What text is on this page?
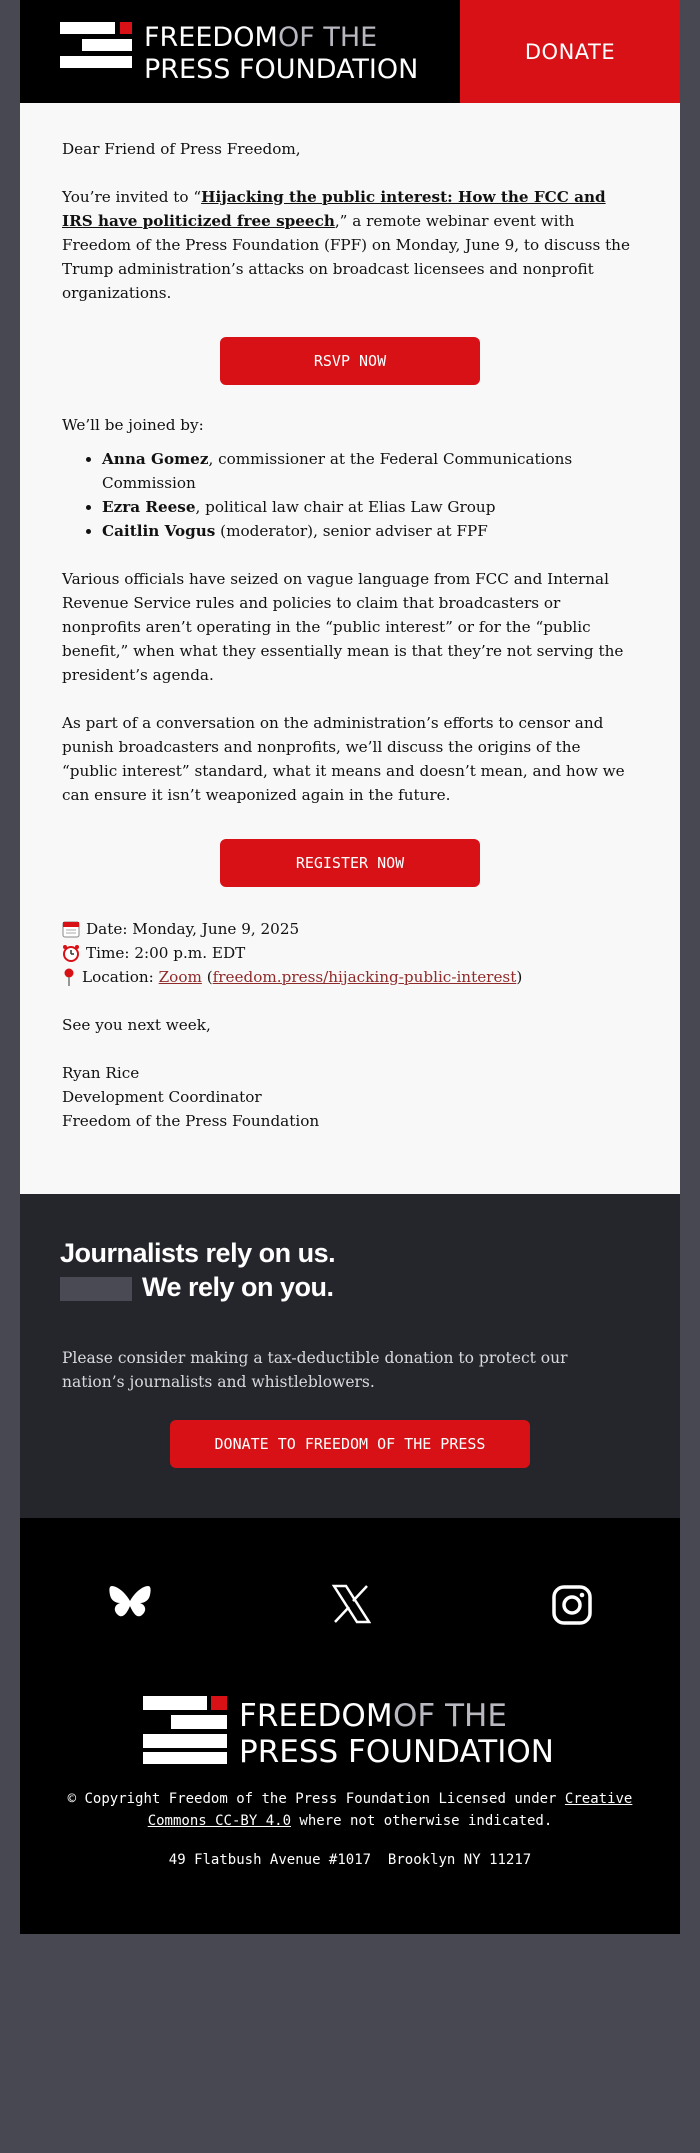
FREEDOM OF THE
PRESS FOUNDATION
DONATE

Dear Friend of Press Freedom,

You’re invited to “Hijacking the public interest: How the FCC and IRS have politicized free speech,” a remote webinar event with Freedom of the Press Foundation (FPF) on Monday, June 9, to discuss the Trump administration’s attacks on broadcast licensees and nonprofit organizations.

RSVP NOW

We’ll be joined by:

• Anna Gomez, commissioner at the Federal Communications Commission
• Ezra Reese, political law chair at Elias Law Group
• Caitlin Vogus (moderator), senior adviser at FPF

Various officials have seized on vague language from FCC and Internal Revenue Service rules and policies to claim that broadcasters or nonprofits aren’t operating in the “public interest” or for the “public benefit,” when what they essentially mean is that they’re not serving the president’s agenda.

As part of a conversation on the administration’s efforts to censor and punish broadcasters and nonprofits, we’ll discuss the origins of the “public interest” standard, what it means and doesn’t mean, and how we can ensure it isn’t weaponized again in the future.

REGISTER NOW
Date: Monday, June 9, 2025
Time: 2:00 p.m. EDT
Location: Zoom (freedom.press/hijacking-public-interest)

See you next week,

Ryan Rice

Development Coordinator

Freedom of the Press Foundation

Journalists rely on us.
We rely on you.

Please consider making a tax-deductible donation to protect our nation’s journalists and whistleblowers.

DONATE TO FREEDOM OF THE PRESS
FREEDOM OF THE
PRESS FOUNDATION
© Copyright Freedom of the Press Foundation Licensed under Creative Commons CC-BY 4.0 where not otherwise indicated.
49 Flatbush Avenue #1017  Brooklyn NY 11217
